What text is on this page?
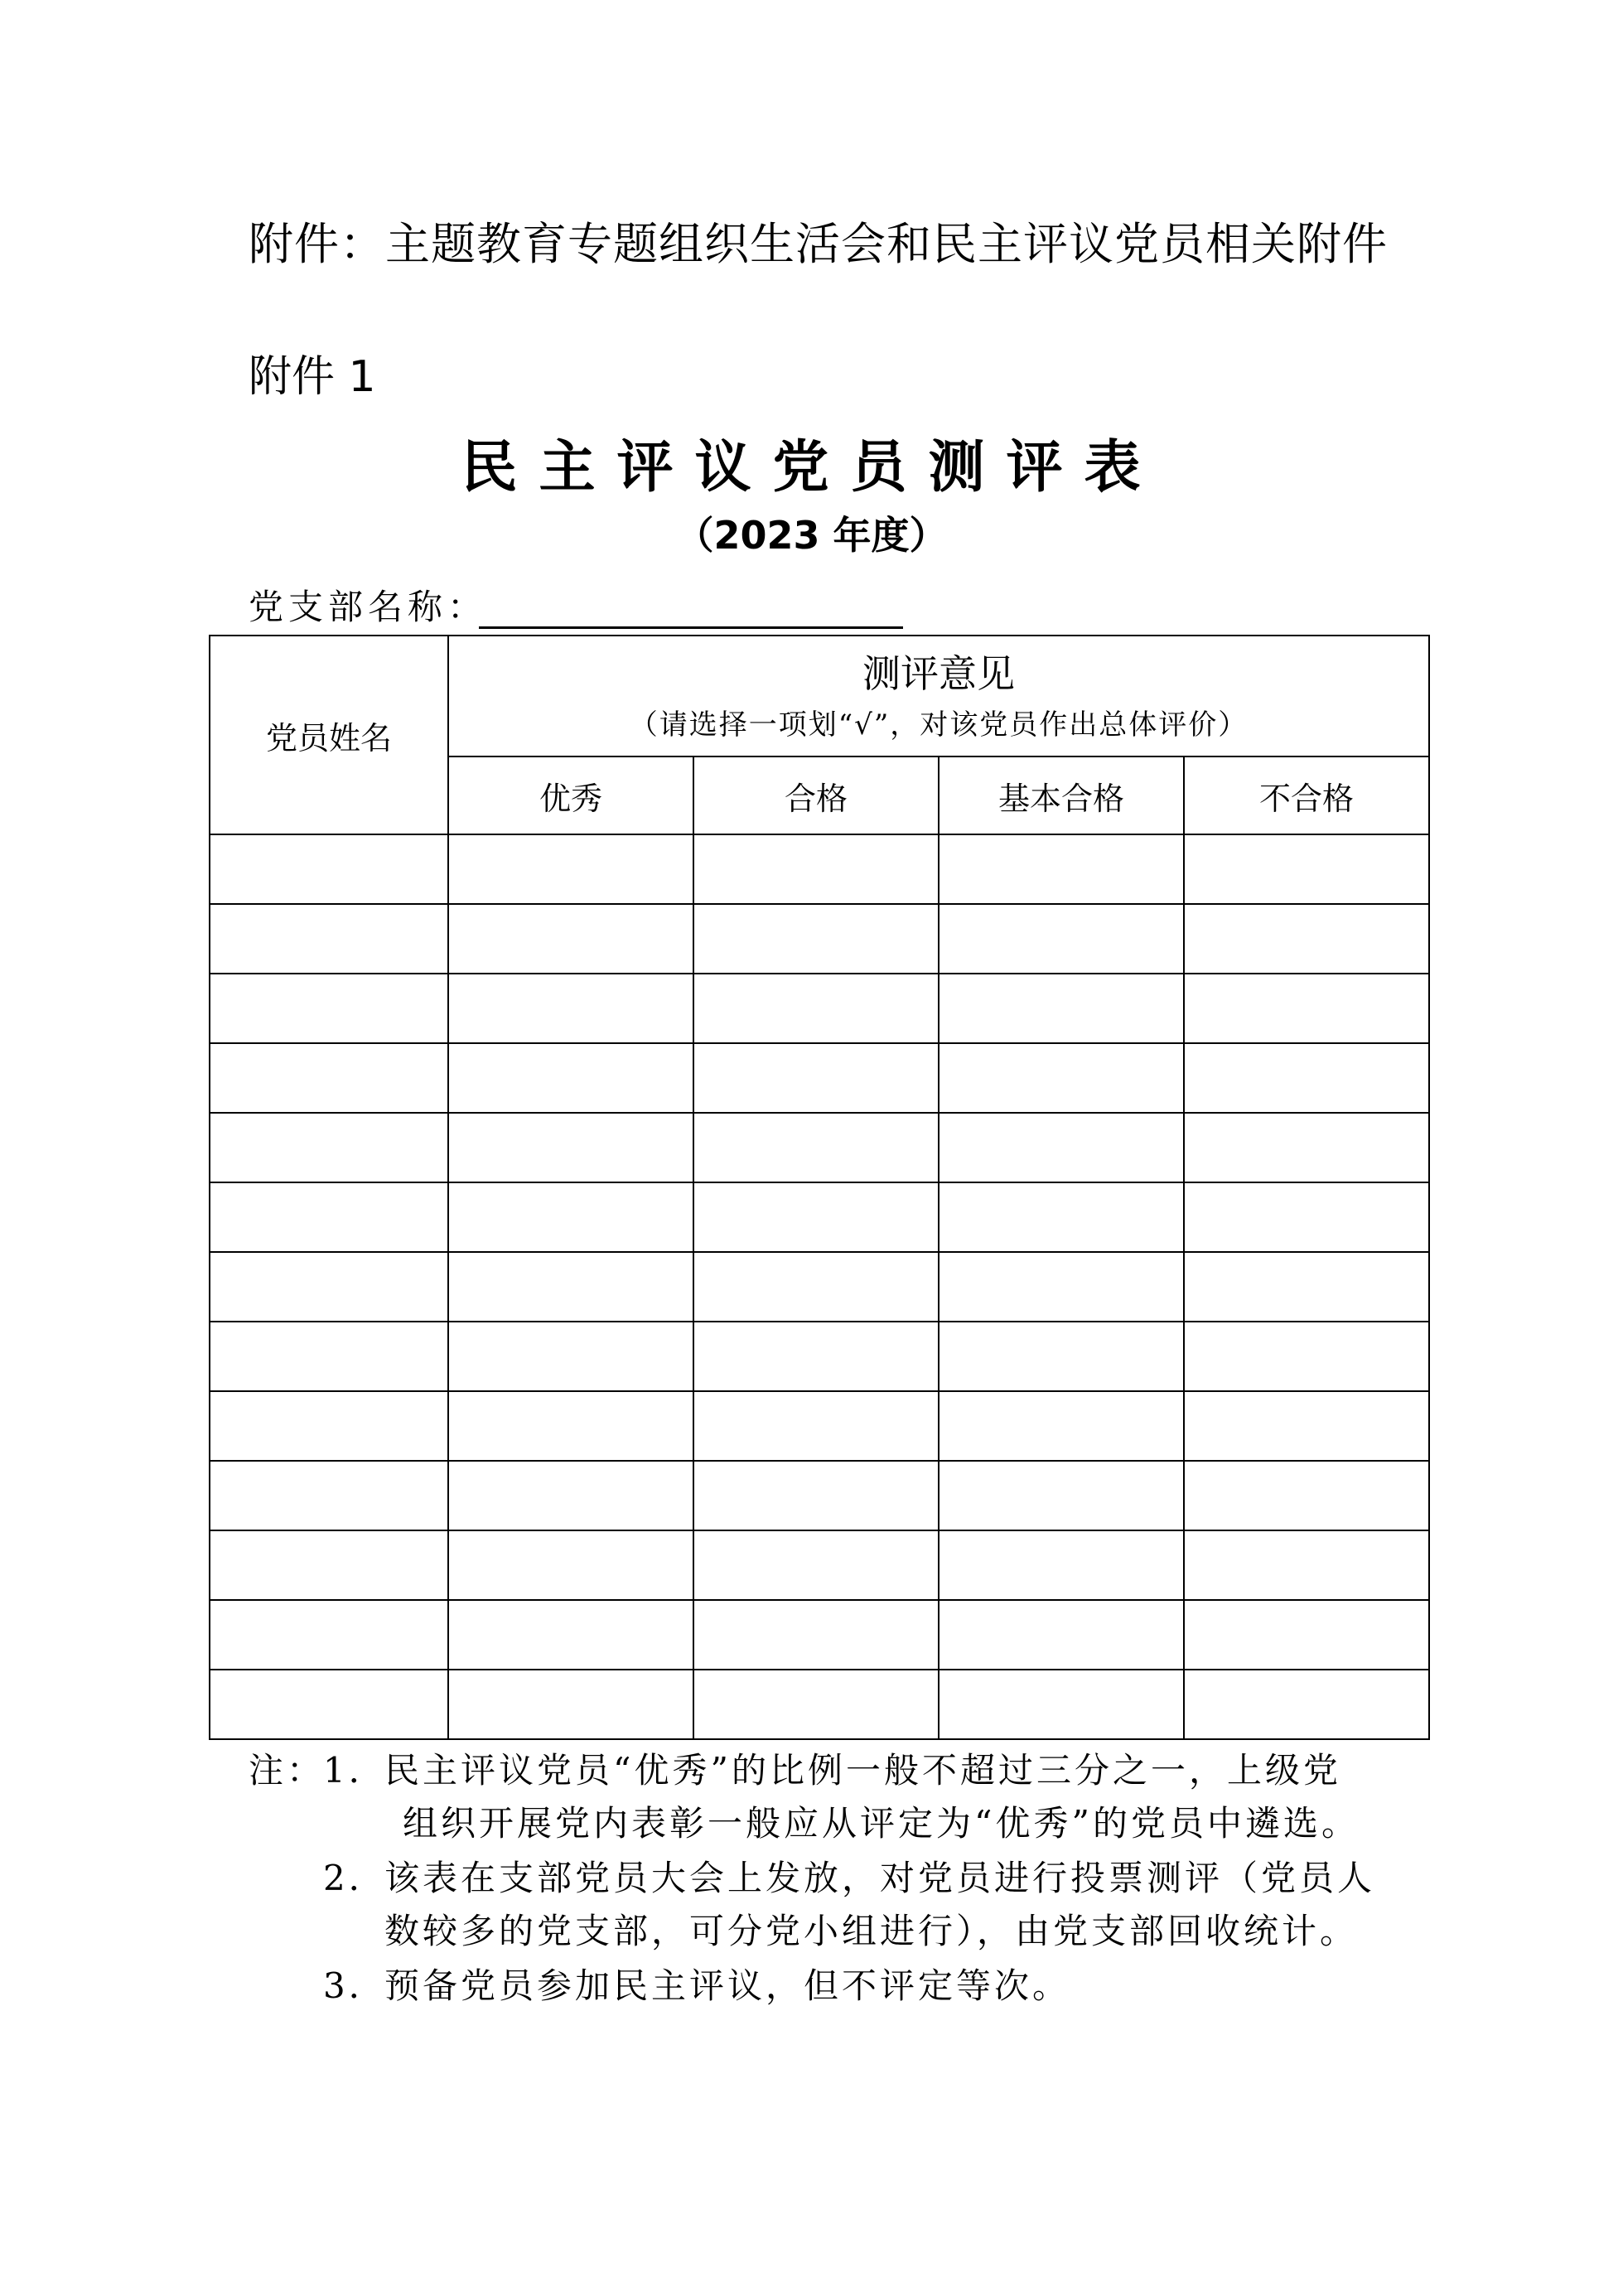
附件：主题教育专题组织生活会和民主评议党员相关附件
附件 1
民主评议党员测评表
（2023 年度）
党支部名称：
党员姓名	测评意见
（请选择一项划“√”，对该党员作出总体评价）			

	优秀	合格	基本合格	不合格

注：
1．
民主评议党员“优秀”的比例一般不超过三分之一，上级党
组织开展党内表彰一般应从评定为“优秀”的党员中遴选。
2．
该表在支部党员大会上发放，对党员进行投票测评（党员人
数较多的党支部，可分党小组进行），由党支部回收统计。
3．
预备党员参加民主评议，但不评定等次。
